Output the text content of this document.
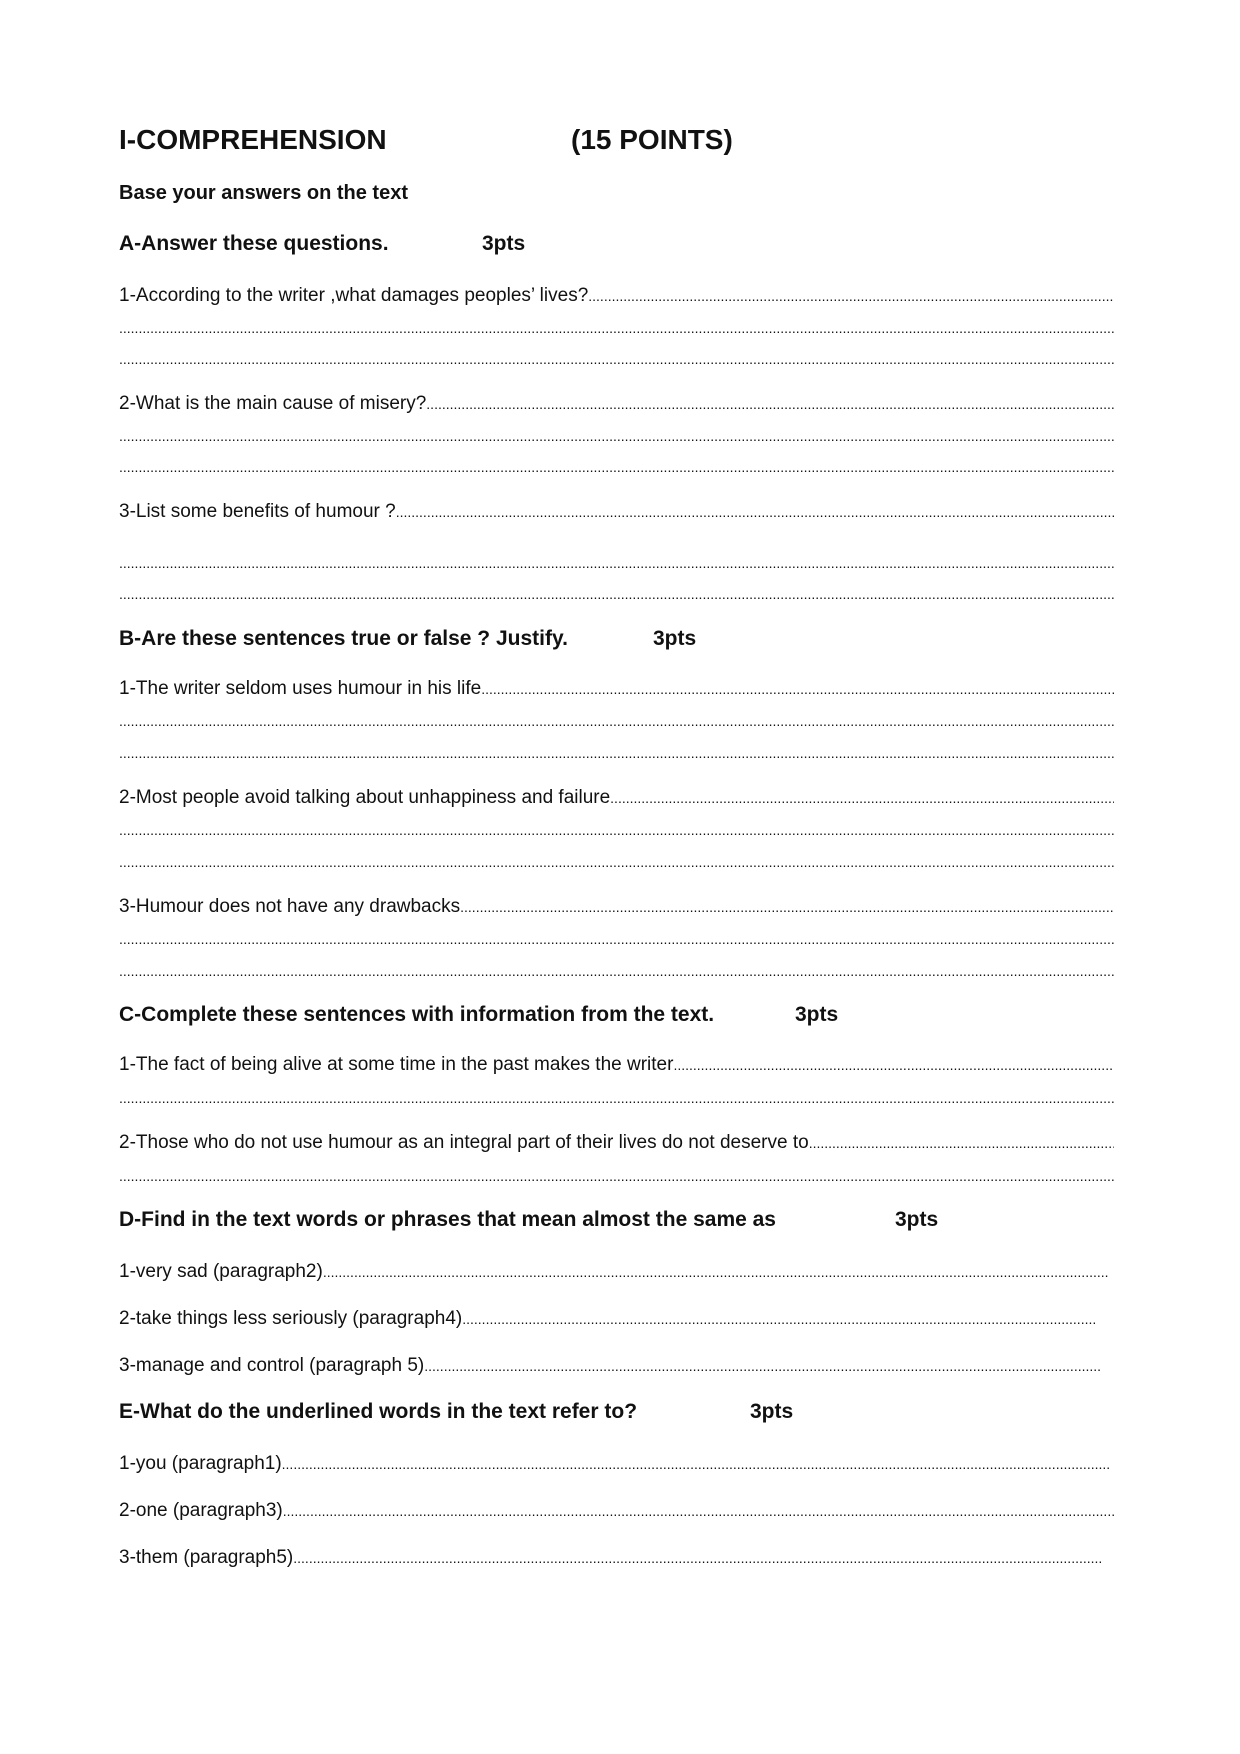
I-COMPREHENSION	(15 POINTS)
Base your answers on the text
A-Answer these questions.	3pts
1-According to the writer ,what damages peoples’ lives?
.....
.....
.....
2-What is the main cause of misery?
.....
.....
.....
3-List some benefits of humour ?
.....
.....
.....
B-Are these sentences true or false ? Justify.	3pts
1-The writer seldom uses humour in his life
.....
.....
.....
2-Most people avoid talking about unhappiness and failure
.....
.....
.....
3-Humour does not have any drawbacks
.....
.....
.....
C-Complete these sentences with information from the text.	3pts
1-The fact of being alive at some time in the past makes the writer
.....
.....
2-Those who do not use humour as an integral part of their lives do not deserve to
.....
.....
D-Find in the text words or phrases that mean almost the same as	3pts
1-very sad (paragraph2)
.....
2-take things less seriously (paragraph4)
.....
3-manage and control (paragraph 5)
.....
E-What do the underlined words in the text refer to?	3pts
1-you (paragraph1)
.....
2-one (paragraph3)
.....
3-them (paragraph5)
.....
